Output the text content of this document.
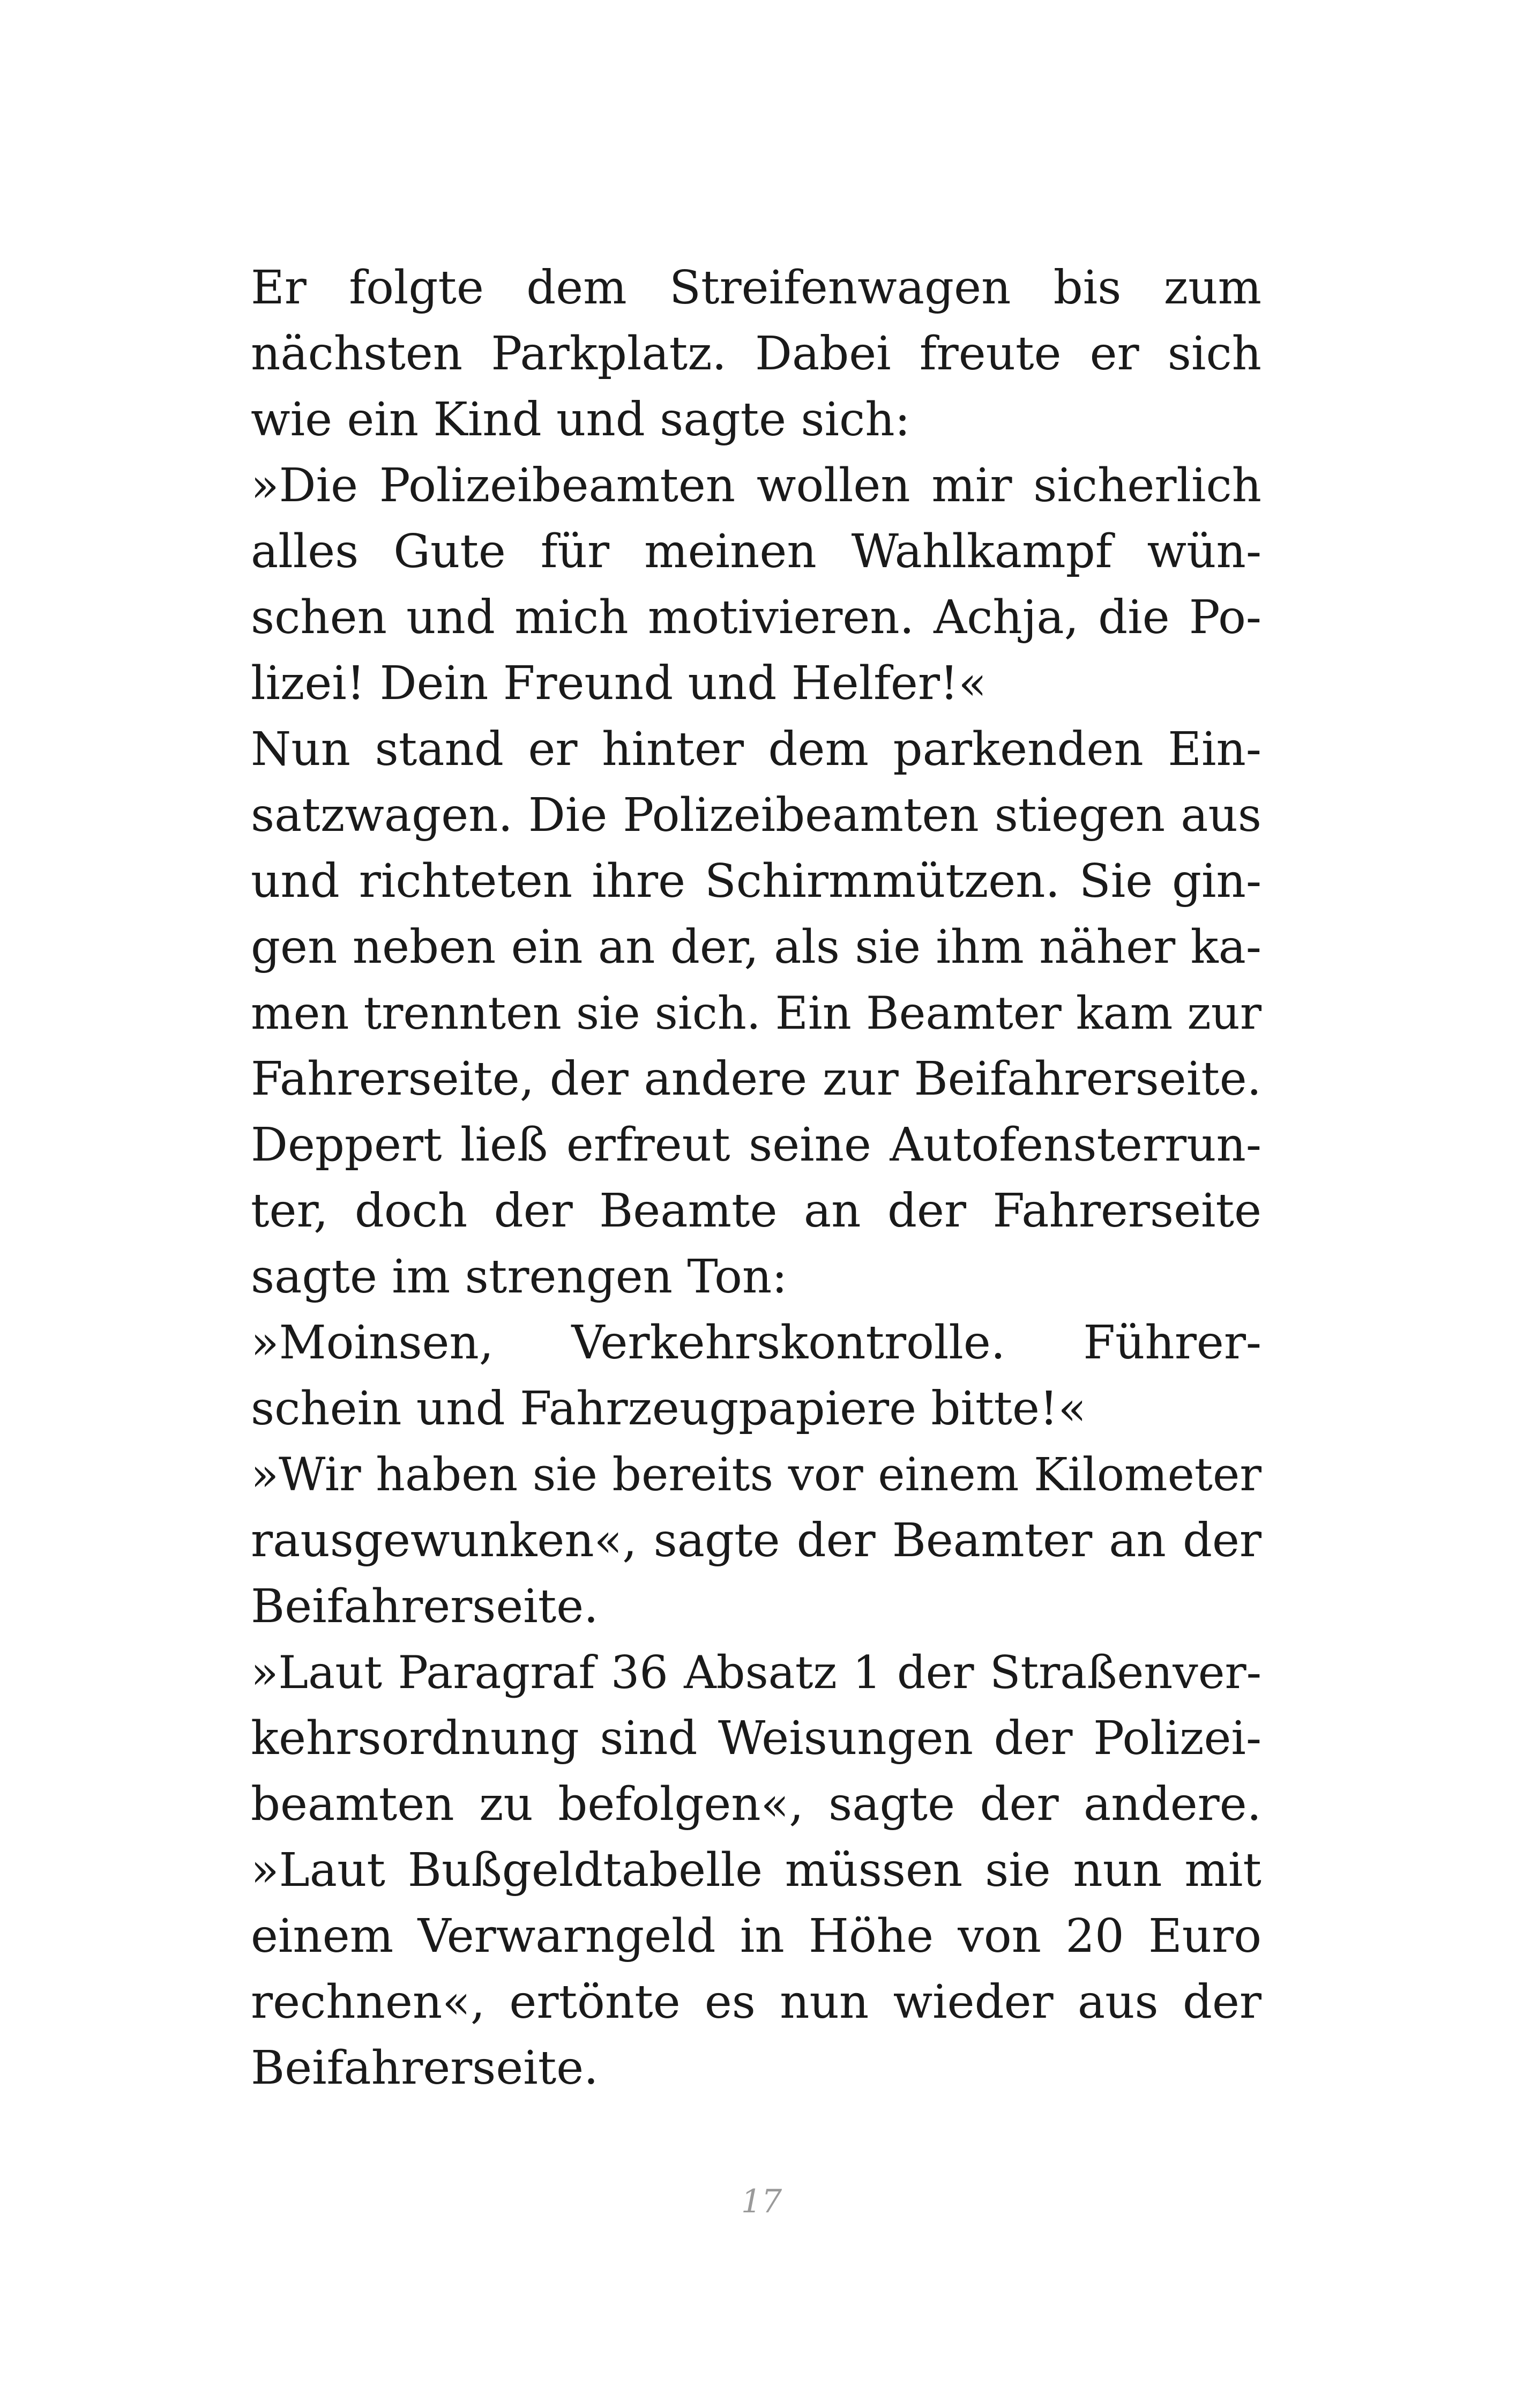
Er folgte dem Streifenwagen bis zum
nächsten Parkplatz. Dabei freute er sich
wie ein Kind und sagte sich:
»Die Polizeibeamten wollen mir sicherlich
alles Gute für meinen Wahlkampf wün-
schen und mich motivieren. Achja, die Po-
lizei! Dein Freund und Helfer!«
Nun stand er hinter dem parkenden Ein-
satzwagen. Die Polizeibeamten stiegen aus
und richteten ihre Schirmmützen. Sie gin-
gen neben ein an der, als sie ihm näher ka-
men trennten sie sich. Ein Beamter kam zur
Fahrerseite, der andere zur Beifahrerseite.
Deppert ließ erfreut seine Autofensterrun-
ter, doch der Beamte an der Fahrerseite
sagte im strengen Ton:
»Moinsen, Verkehrskontrolle. Führer-
schein und Fahrzeugpapiere bitte!«
»Wir haben sie bereits vor einem Kilometer
rausgewunken«, sagte der Beamter an der
Beifahrerseite.
»Laut Paragraf 36 Absatz 1 der Straßenver-
kehrsordnung sind Weisungen der Polizei-
beamten zu befolgen«, sagte der andere.
»Laut Bußgeldtabelle müssen sie nun mit
einem Verwarngeld in Höhe von 20 Euro
rechnen«, ertönte es nun wieder aus der
Beifahrerseite.
17
